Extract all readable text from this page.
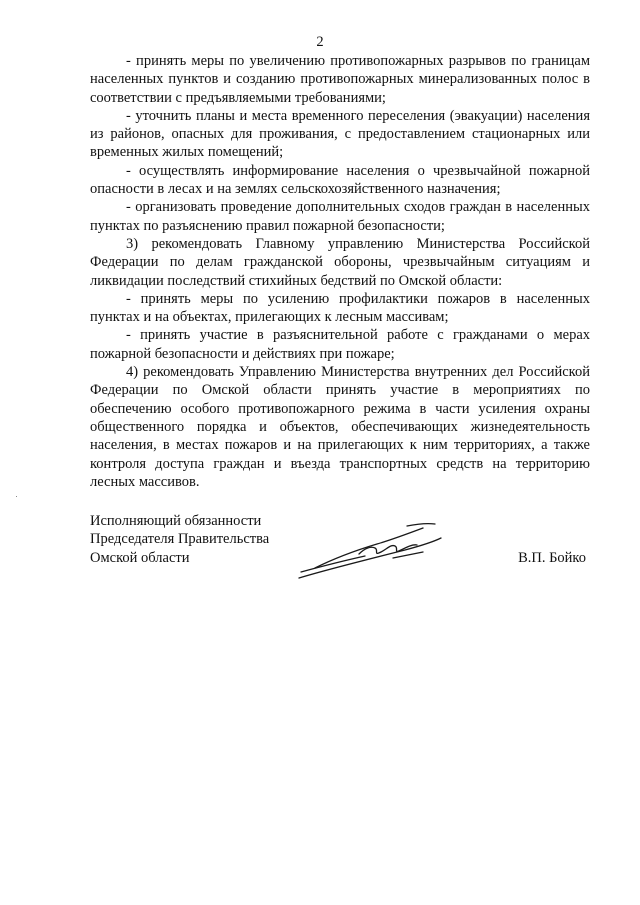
2

- принять меры по увеличению противопожарных разрывов по границам населенных пунктов и созданию противопожарных минерализованных полос в соответствии с предъявляемыми требованиями;

- уточнить планы и места временного переселения (эвакуации) населения из районов, опасных для проживания, с предоставлением стационарных или временных жилых помещений;

- осуществлять информирование населения о чрезвычайной пожарной опасности в лесах и на землях сельскохозяйственного назначения;

- организовать проведение дополнительных сходов граждан в населенных пунктах по разъяснению правил пожарной безопасности;

3) рекомендовать Главному управлению Министерства Российской Федерации по делам гражданской обороны, чрезвычайным ситуациям и ликвидации последствий стихийных бедствий по Омской области:

- принять меры по усилению профилактики пожаров в населенных пунктах и на объектах, прилегающих к лесным массивам;

- принять участие в разъяснительной работе с гражданами о мерах пожарной безопасности и действиях при пожаре;

4) рекомендовать Управлению Министерства внутренних дел Российской Федерации по Омской области принять участие в мероприятиях по обеспечению особого противопожарного режима в части усиления охраны общественного порядка и объектов, обеспечивающих жизнедеятельность населения, в местах пожаров и на прилегающих к ним территориях, а также контроля доступа граждан и въезда транспортных средств на территорию лесных массивов.

Исполняющий обязанности
Председателя Правительства
Омской области	В.П. Бойко
